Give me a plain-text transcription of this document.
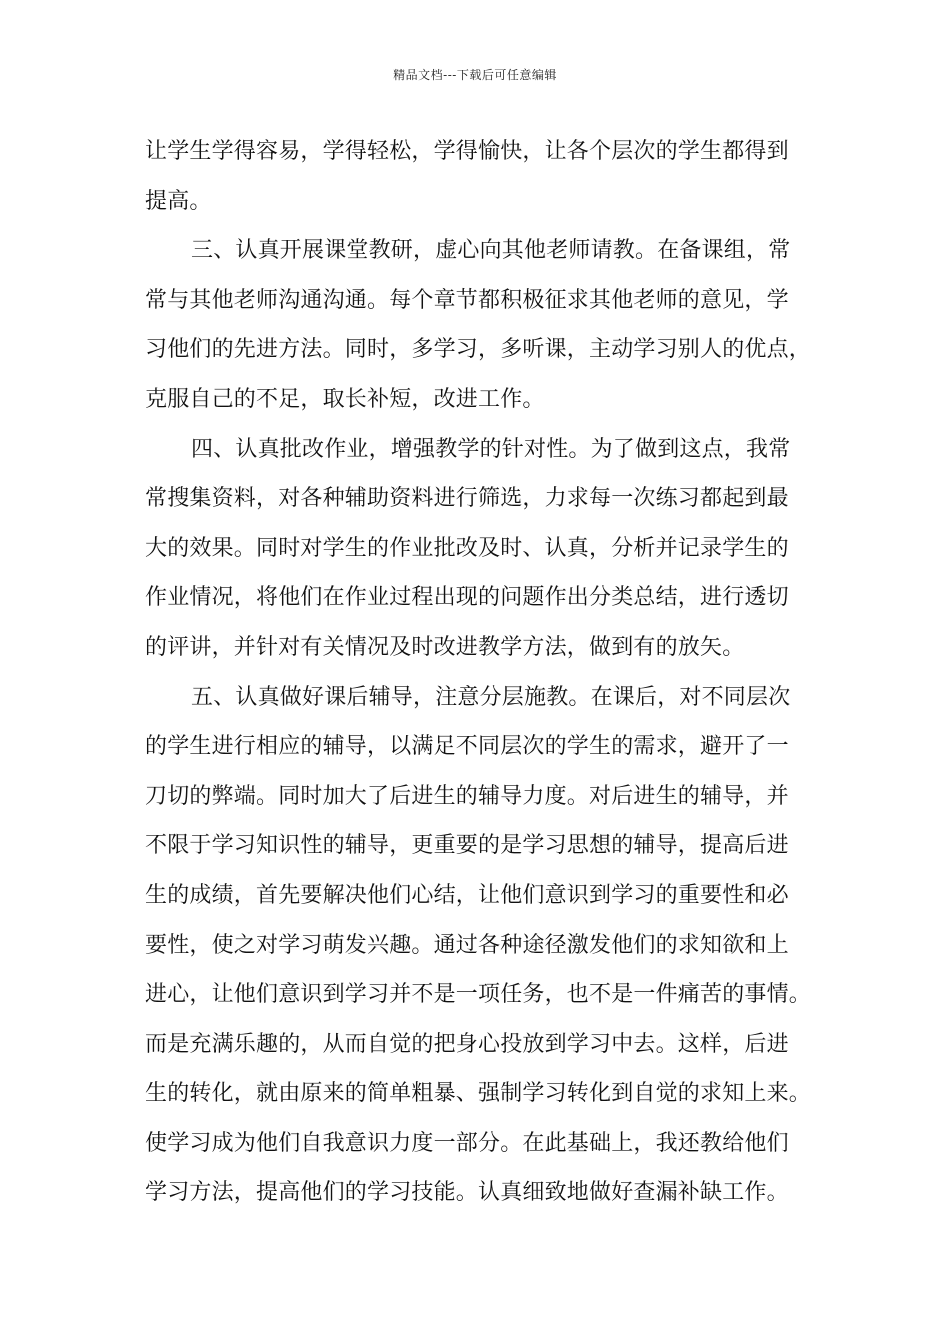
精品文档---下载后可任意编辑
让学生学得容易，学得轻松，学得愉快，让各个层次的学生都得到
提高。
三、认真开展课堂教研，虚心向其他老师请教。在备课组，常
常与其他老师沟通沟通。每个章节都积极征求其他老师的意见，学
习他们的先进方法。同时，多学习，多听课，主动学习别人的优点，
克服自己的不足，取长补短，改进工作。
四、认真批改作业，增强教学的针对性。为了做到这点，我常
常搜集资料，对各种辅助资料进行筛选，力求每一次练习都起到最
大的效果。同时对学生的作业批改及时、认真，分析并记录学生的
作业情况，将他们在作业过程出现的问题作出分类总结，进行透切
的评讲，并针对有关情况及时改进教学方法，做到有的放矢。
五、认真做好课后辅导，注意分层施教。在课后，对不同层次
的学生进行相应的辅导，以满足不同层次的学生的需求，避开了一
刀切的弊端。同时加大了后进生的辅导力度。对后进生的辅导，并
不限于学习知识性的辅导，更重要的是学习思想的辅导，提高后进
生的成绩，首先要解决他们心结，让他们意识到学习的重要性和必
要性，使之对学习萌发兴趣。通过各种途径激发他们的求知欲和上
进心，让他们意识到学习并不是一项任务，也不是一件痛苦的事情。
而是充满乐趣的，从而自觉的把身心投放到学习中去。这样，后进
生的转化，就由原来的简单粗暴、强制学习转化到自觉的求知上来。
使学习成为他们自我意识力度一部分。在此基础上，我还教给他们
学习方法，提高他们的学习技能。认真细致地做好查漏补缺工作。
